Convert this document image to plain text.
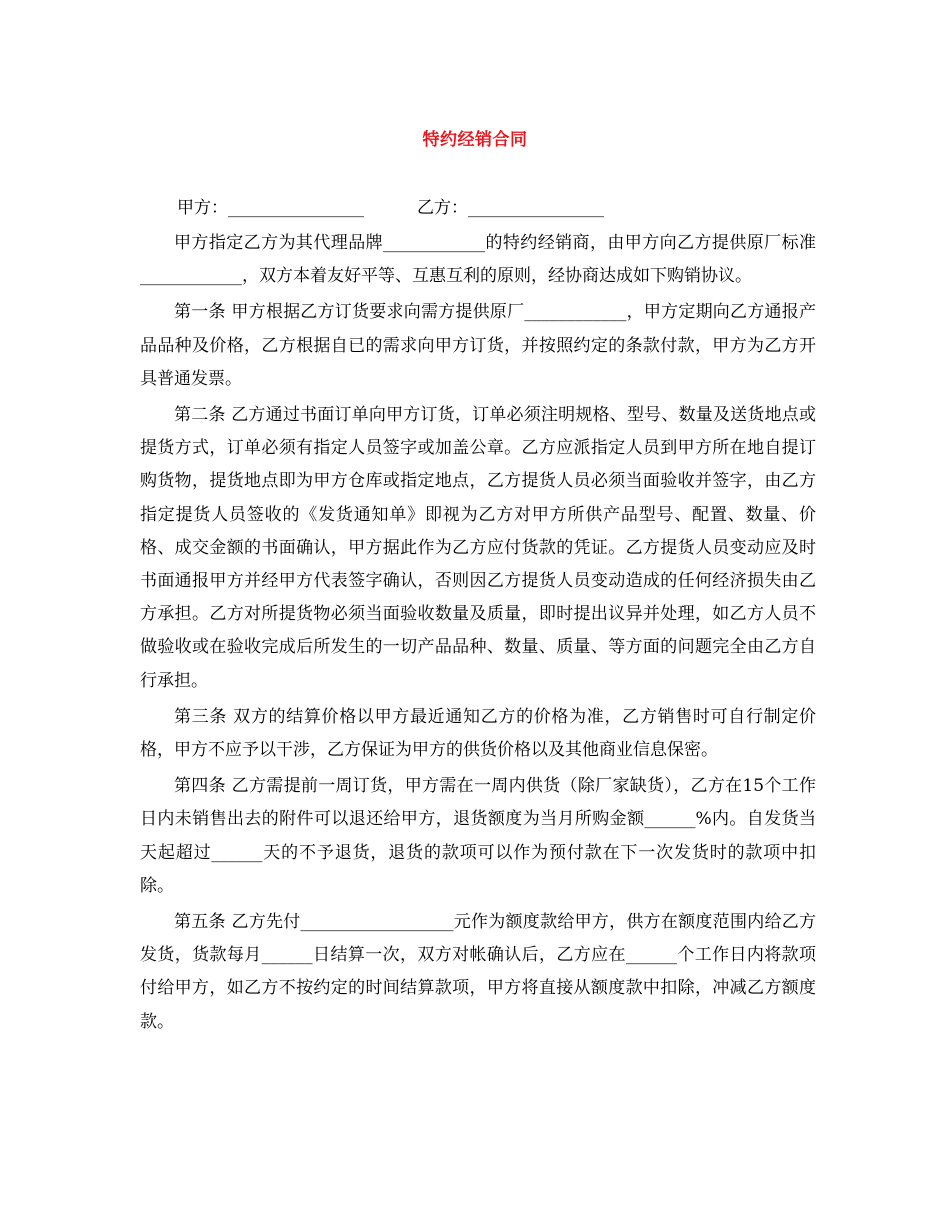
特约经销合同
甲方：________________	乙方：________________

甲方指定乙方为其代理品牌____________的特约经销商，由甲方向乙方提供原厂标准____________，双方本着友好平等、互惠互利的原则，经协商达成如下购销协议。

第一条 甲方根据乙方订货要求向需方提供原厂____________，甲方定期向乙方通报产品品种及价格，乙方根据自已的需求向甲方订货，并按照约定的条款付款，甲方为乙方开具普通发票。

第二条 乙方通过书面订单向甲方订货，订单必须注明规格、型号、数量及送货地点或提货方式，订单必须有指定人员签字或加盖公章。乙方应派指定人员到甲方所在地自提订购货物，提货地点即为甲方仓库或指定地点，乙方提货人员必须当面验收并签字，由乙方指定提货人员签收的《发货通知单》即视为乙方对甲方所供产品型号、配置、数量、价格、成交金额的书面确认，甲方据此作为乙方应付货款的凭证。乙方提货人员变动应及时书面通报甲方并经甲方代表签字确认，否则因乙方提货人员变动造成的任何经济损失由乙方承担。乙方对所提货物必须当面验收数量及质量，即时提出议异并处理，如乙方人员不做验收或在验收完成后所发生的一切产品品种、数量、质量、等方面的问题完全由乙方自行承担。

第三条 双方的结算价格以甲方最近通知乙方的价格为准，乙方销售时可自行制定价格，甲方不应予以干涉，乙方保证为甲方的供货价格以及其他商业信息保密。

第四条 乙方需提前一周订货，甲方需在一周内供货（除厂家缺货），乙方在15个工作日内未销售出去的附件可以退还给甲方，退货额度为当月所购金额______%内。自发货当天起超过______天的不予退货，退货的款项可以作为预付款在下一次发货时的款项中扣除。

第五条 乙方先付__________________元作为额度款给甲方，供方在额度范围内给乙方发货，货款每月______日结算一次，双方对帐确认后，乙方应在______个工作日内将款项付给甲方，如乙方不按约定的时间结算款项，甲方将直接从额度款中扣除，冲减乙方额度款。
